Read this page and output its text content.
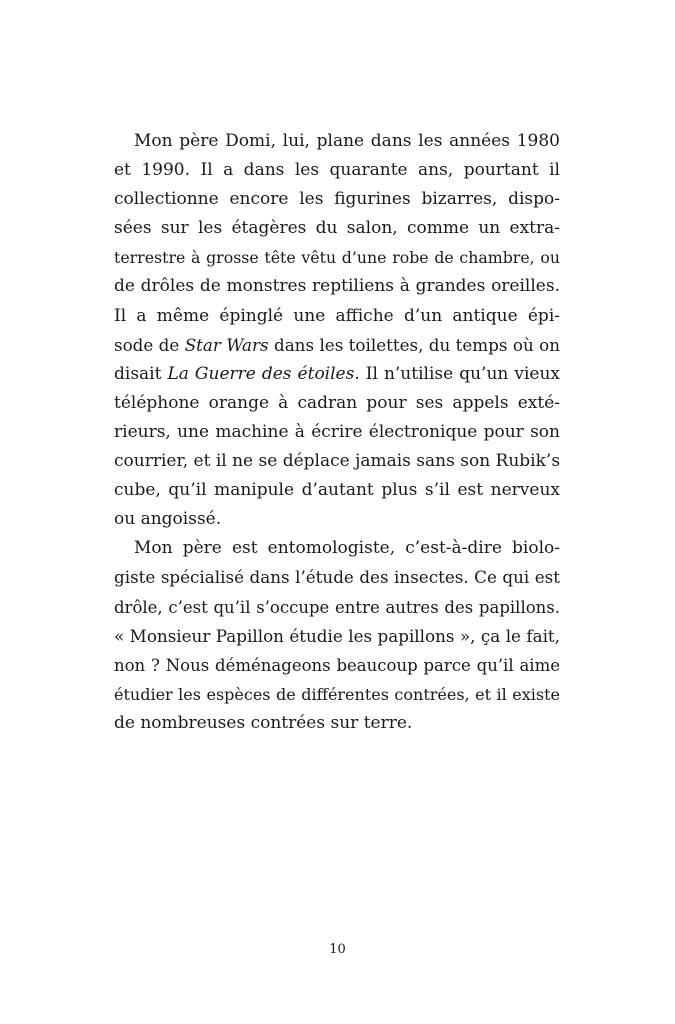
Mon père Domi, lui, plane dans les années 1980
et 1990. Il a dans les quarante ans, pourtant il
collectionne encore les figurines bizarres, dispo-
sées sur les étagères du salon, comme un extra-
terrestre à grosse tête vêtu d’une robe de chambre, ou
de drôles de monstres reptiliens à grandes oreilles.
Il a même épinglé une affiche d’un antique épi-
sode de Star Wars dans les toilettes, du temps où on
disait La Guerre des étoiles. Il n’utilise qu’un vieux
téléphone orange à cadran pour ses appels exté-
rieurs, une machine à écrire électronique pour son
courrier, et il ne se déplace jamais sans son Rubik’s
cube, qu’il manipule d’autant plus s’il est nerveux
ou angoissé.
Mon père est entomologiste, c’est-à-dire biolo-
giste spécialisé dans l’étude des insectes. Ce qui est
drôle, c’est qu’il s’occupe entre autres des papillons.
« Monsieur Papillon étudie les papillons », ça le fait,
non ? Nous déménageons beaucoup parce qu’il aime
étudier les espèces de différentes contrées, et il existe
de nombreuses contrées sur terre.
10
